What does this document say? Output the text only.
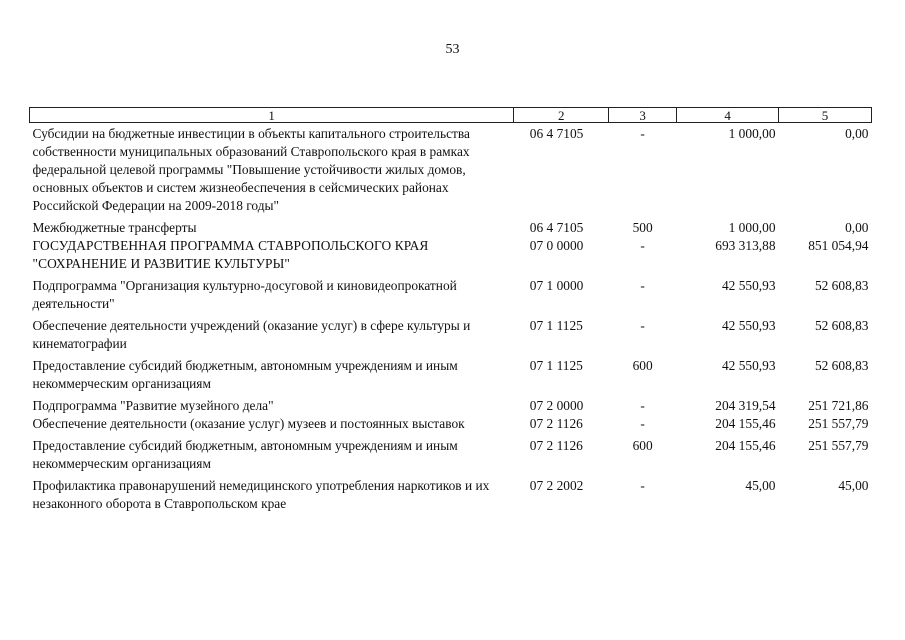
53
1	2	3	4	5
Субсидии на бюджетные инвестиции в объекты капитального строительства собственности муниципальных образований Ставропольского края в рамках федеральной целевой программы "Повышение устойчивости жилых домов, основных объектов и систем жизнеобеспечения в сейсмических районах Российской Федерации на 2009-2018 годы"	06 4 7105	-	1 000,00	0,00
Межбюджетные трансферты	06 4 7105	500	1 000,00	0,00
ГОСУДАРСТВЕННАЯ ПРОГРАММА СТАВРОПОЛЬСКОГО КРАЯ "СОХРАНЕНИЕ И РАЗВИТИЕ КУЛЬТУРЫ"	07 0 0000	-	693 313,88	851 054,94
Подпрограмма "Организация культурно-досуговой и киновидеопрокатной деятельности"	07 1 0000	-	42 550,93	52 608,83
Обеспечение деятельности учреждений (оказание услуг) в сфере культуры и кинематографии	07 1 1125	-	42 550,93	52 608,83
Предоставление субсидий бюджетным, автономным учреждениям и иным некоммерческим организациям	07 1 1125	600	42 550,93	52 608,83
Подпрограмма "Развитие музейного дела"	07 2 0000	-	204 319,54	251 721,86
Обеспечение деятельности (оказание услуг) музеев и постоянных выставок	07 2 1126	-	204 155,46	251 557,79
Предоставление субсидий бюджетным, автономным учреждениям и иным некоммерческим организациям	07 2 1126	600	204 155,46	251 557,79
Профилактика правонарушений немедицинского употребления наркотиков и их незаконного оборота в Ставропольском крае	07 2 2002	-	45,00	45,00
